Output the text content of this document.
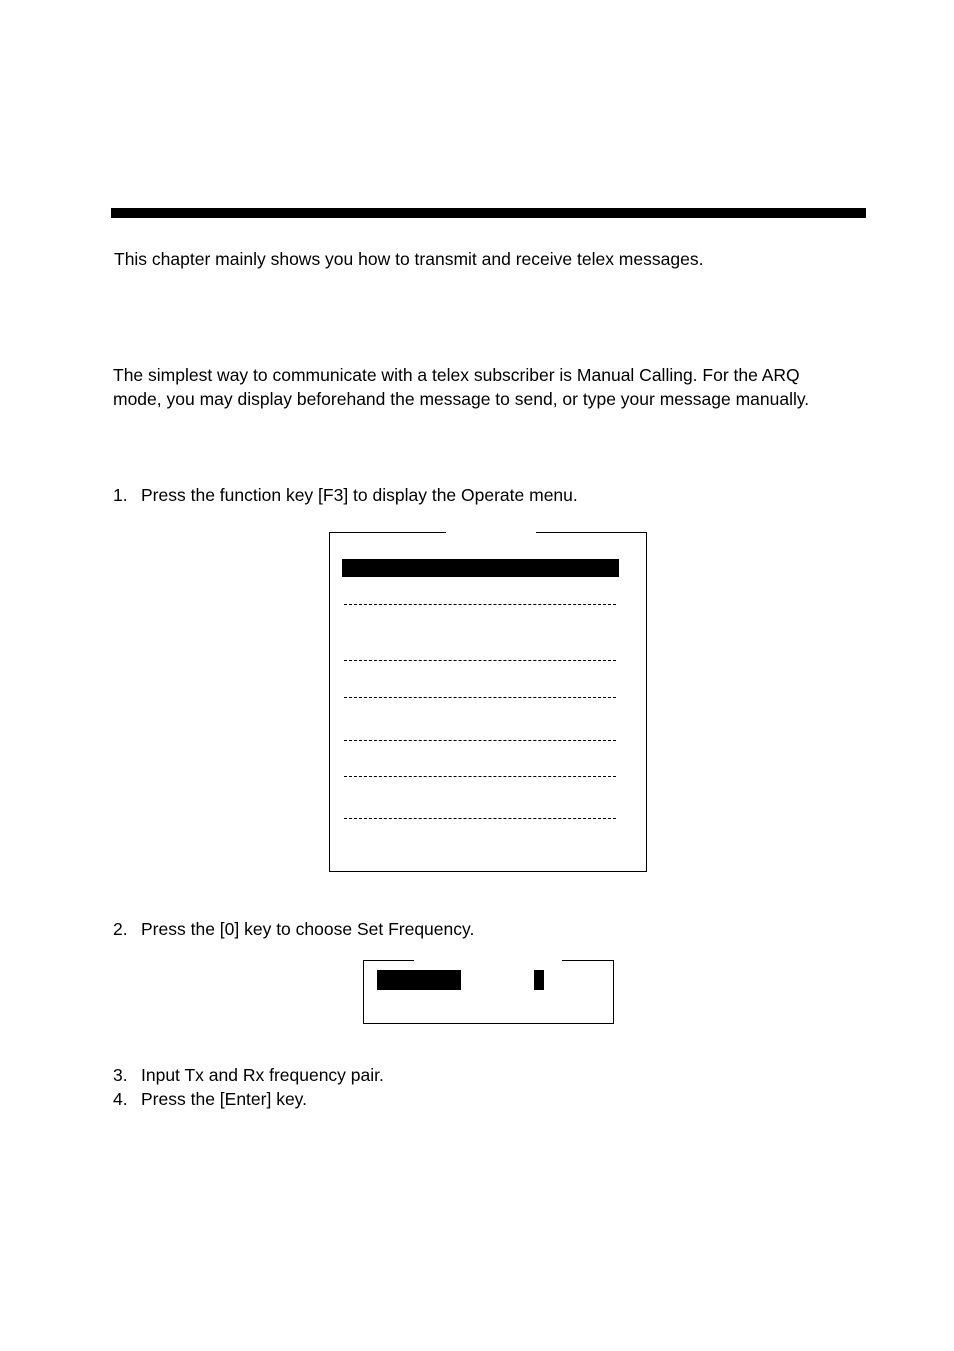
This chapter mainly shows you how to transmit and receive telex messages.
The simplest way to communicate with a telex subscriber is Manual Calling. For the ARQ
mode, you may display beforehand the message to send, or type your message manually.
1. Press the function key [F3] to display the Operate menu.
2. Press the [0] key to choose Set Frequency.
3. Input Tx and Rx frequency pair.
4. Press the [Enter] key.
